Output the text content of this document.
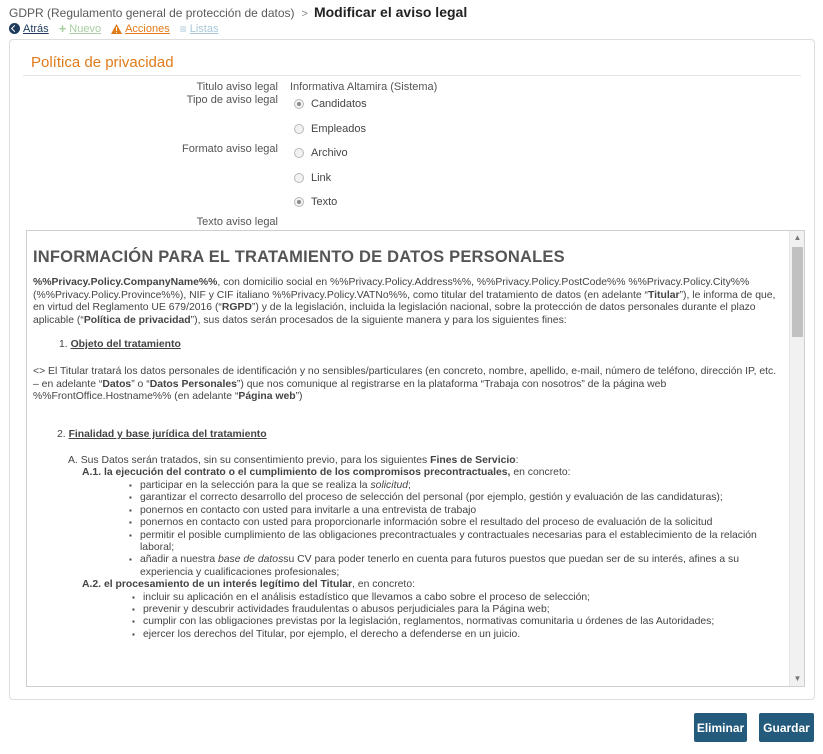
GDPR (Regulamento general de protección de datos) > Modificar el aviso legal
Atrás + Nuevo Acciones ≡ Listas
Política de privacidad
Titulo aviso legal Informativa Altamira (Sistema)
Tipo de aviso legal	Candidatos
Empleados
Formato aviso legal	Archivo
Link
Texto
Texto aviso legal
INFORMACIÓN PARA EL TRATAMIENTO DE DATOS PERSONALES

%%Privacy.Policy.CompanyName%%, con domicilio social en %%Privacy.Policy.Address%%, %%Privacy.Policy.PostCode%% %%Privacy.Policy.City%% (%%Privacy.Policy.Province%%), NIF y CIF italiano %%Privacy.Policy.VATNo%%, como titular del tratamiento de datos (en adelante “Titular”), le informa de que, en virtud del Reglamento UE 679/2016 (“RGPD”) y de la legislación, incluida la legislación nacional, sobre la protección de datos personales durante el plazo aplicable (“Política de privacidad”), sus datos serán procesados de la siguiente manera y para los siguientes fines:

1. Objeto del tratamiento

<> El Titular tratará los datos personales de identificación y no sensibles/particulares (en concreto, nombre, apellido, e-mail, número de teléfono, dirección IP, etc. – en adelante “Datos” o “Datos Personales”) que nos comunique al registrarse en la plataforma “Trabaja con nosotros” de la página web %%FrontOffice.Hostname%% (en adelante “Página web”)

2. Finalidad y base jurídica del tratamiento

A. Sus Datos serán tratados, sin su consentimiento previo, para los siguientes Fines de Servicio:

A.1. la ejecución del contrato o el cumplimiento de los compromisos precontractuales, en concreto:

▪ participar en la selección para la que se realiza la solicitud;
▪ garantizar el correcto desarrollo del proceso de selección del personal (por ejemplo, gestión y evaluación de las candidaturas);
▪ ponernos en contacto con usted para invitarle a una entrevista de trabajo
▪ ponernos en contacto con usted para proporcionarle información sobre el resultado del proceso de evaluación de la solicitud
▪ permitir el posible cumplimiento de las obligaciones precontractuales y contractuales necesarias para el establecimiento de la relación laboral;
▪ añadir a nuestra base de datossu CV para poder tenerlo en cuenta para futuros puestos que puedan ser de su interés, afines a su experiencia y cualificaciones profesionales;

A.2. el procesamiento de un interés legítimo del Titular, en concreto:

▪ incluir su aplicación en el análisis estadístico que llevamos a cabo sobre el proceso de selección;
▪ prevenir y descubrir actividades fraudulentas o abusos perjudiciales para la Página web;
▪ cumplir con las obligaciones previstas por la legislación, reglamentos, normativas comunitaria u órdenes de las Autoridades;
▪ ejercer los derechos del Titular, por ejemplo, el derecho a defenderse en un juicio.
▲
▼
Eliminar	Guardar
